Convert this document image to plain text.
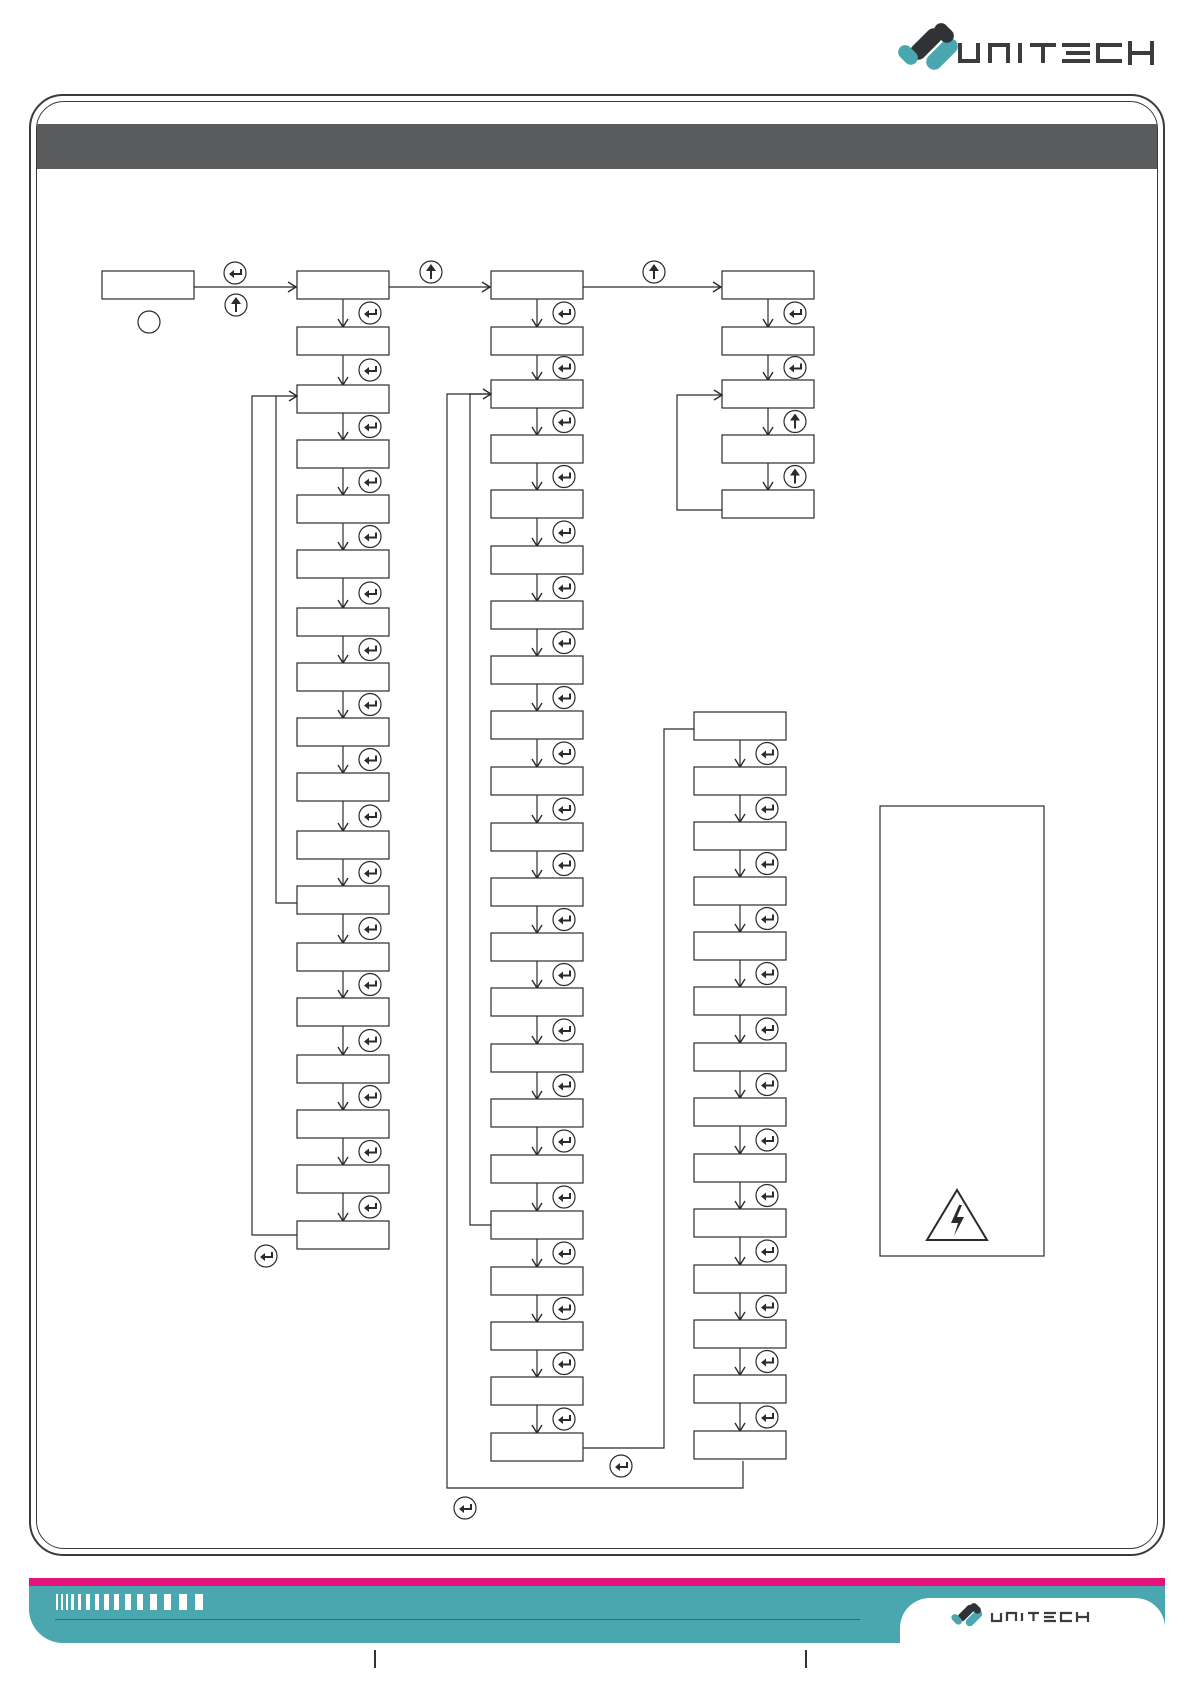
unitech
